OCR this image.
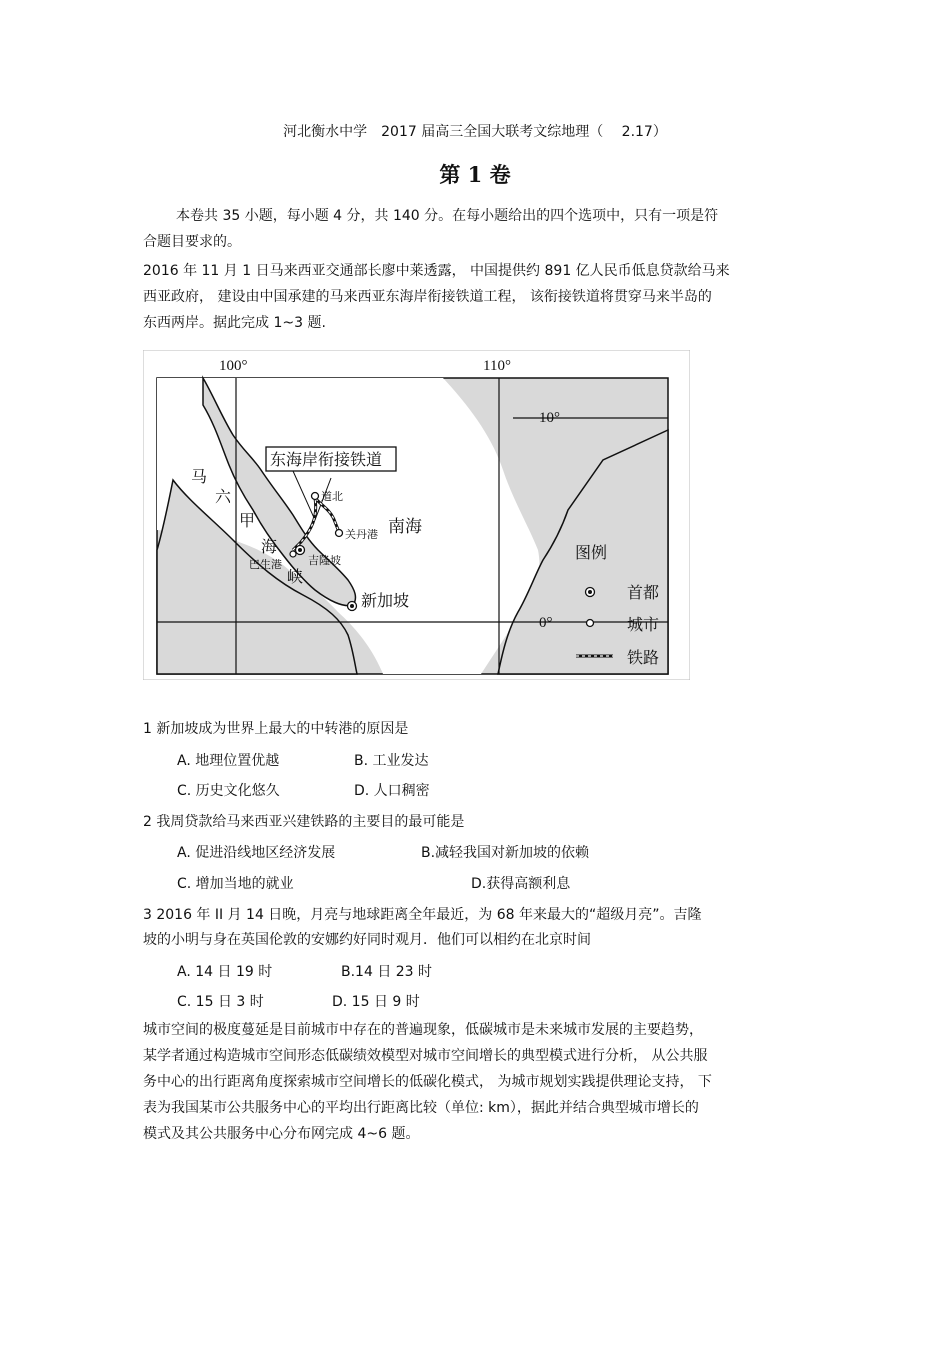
河北衡水中学　2017 届高三全国大联考文综地理（　 2.17）
第 1 卷
本卷共 35 小题，每小题 4 分，共 140 分。在每小题给出的四个选项中，只有一项是符
合题目要求的。
2016 年 11 月 1 日马来西亚交通部长廖中莱透露， 中国提供约 891 亿人民币低息贷款给马来
西亚政府， 建设由中国承建的马来西亚东海岸衔接铁道工程， 该衔接铁道将贯穿马来半岛的
东西两岸。据此完成 1~3 题.
100°	110°
10°
0°
马
六
甲
海
峡
南海
东海岸衔接铁道
道北
关丹港
吉隆坡
巴生港
新加坡
图例
首都
城市
铁路
1 新加坡成为世界上最大的中转港的原因是
A. 地理位置优越	B. 工业发达
C. 历史文化悠久	D. 人口稠密
2 我周贷款给马来西亚兴建铁路的主要目的最可能是
A. 促进沿线地区经济发展	B.减轻我国对新加坡的依赖
C. 增加当地的就业	D.获得高额利息
3 2016 年 II 月 14 日晚，月亮与地球距离全年最近，为 68 年来最大的“超级月亮”。吉隆
坡的小明与身在英国伦敦的安娜约好同时观月．他们可以相约在北京时间
A. 14 日 19 时	B.14 日 23 时
C. 15 日 3 时	D. 15 日 9 时
城市空间的极度蔓延是目前城市中存在的普遍现象，低碳城市是未来城市发展的主要趋势，
某学者通过构造城市空间形态低碳绩效模型对城市空间增长的典型模式进行分析， 从公共服
务中心的出行距离角度探索城市空间增长的低碳化模式， 为城市规划实践提供理论支持， 下
表为我国某市公共服务中心的平均出行距离比较（单位: km），据此并结合典型城市增长的
模式及其公共服务中心分布网完成 4~6 题。
